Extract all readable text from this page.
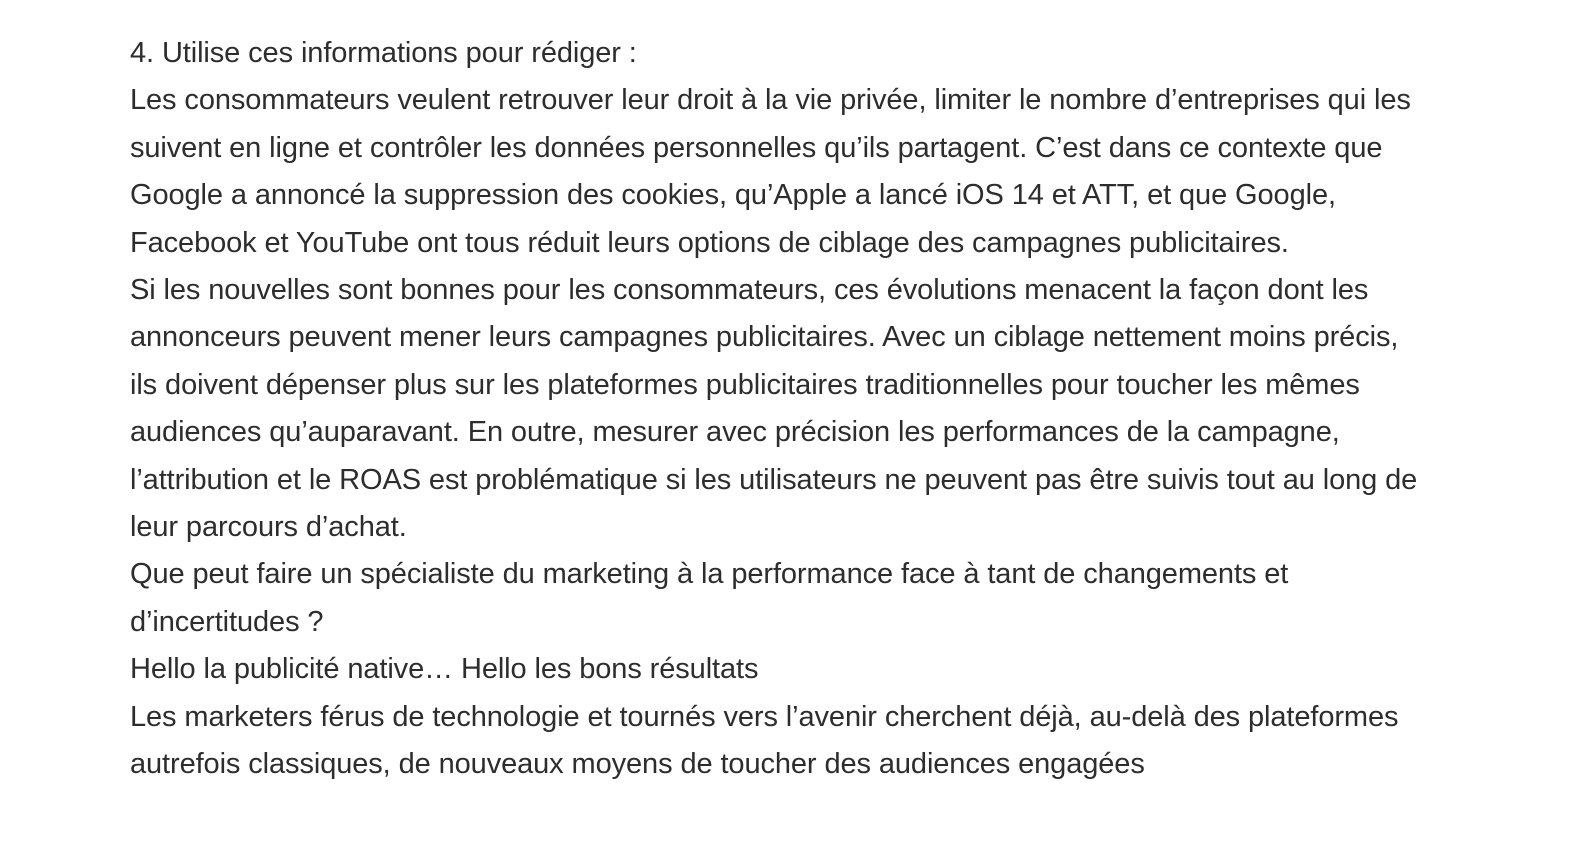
4. Utilise ces informations pour rédiger :

Les consommateurs veulent retrouver leur droit à la vie privée, limiter le nombre d’entreprises qui les suivent en ligne et contrôler les données personnelles qu’ils partagent. C’est dans ce contexte que Google a annoncé la suppression des cookies, qu’Apple a lancé iOS 14 et ATT, et que Google, Facebook et YouTube ont tous réduit leurs options de ciblage des campagnes publicitaires.

Si les nouvelles sont bonnes pour les consommateurs, ces évolutions menacent la façon dont les annonceurs peuvent mener leurs campagnes publicitaires. Avec un ciblage nettement moins précis, ils doivent dépenser plus sur les plateformes publicitaires traditionnelles pour toucher les mêmes audiences qu’auparavant. En outre, mesurer avec précision les performances de la campagne, l’attribution et le ROAS est problématique si les utilisateurs ne peuvent pas être suivis tout au long de leur parcours d’achat.

Que peut faire un spécialiste du marketing à la performance face à tant de changements et d’incertitudes ?

Hello la publicité native… Hello les bons résultats

Les marketers férus de technologie et tournés vers l’avenir cherchent déjà, au-delà des plateformes autrefois classiques, de nouveaux moyens de toucher des audiences engagées
